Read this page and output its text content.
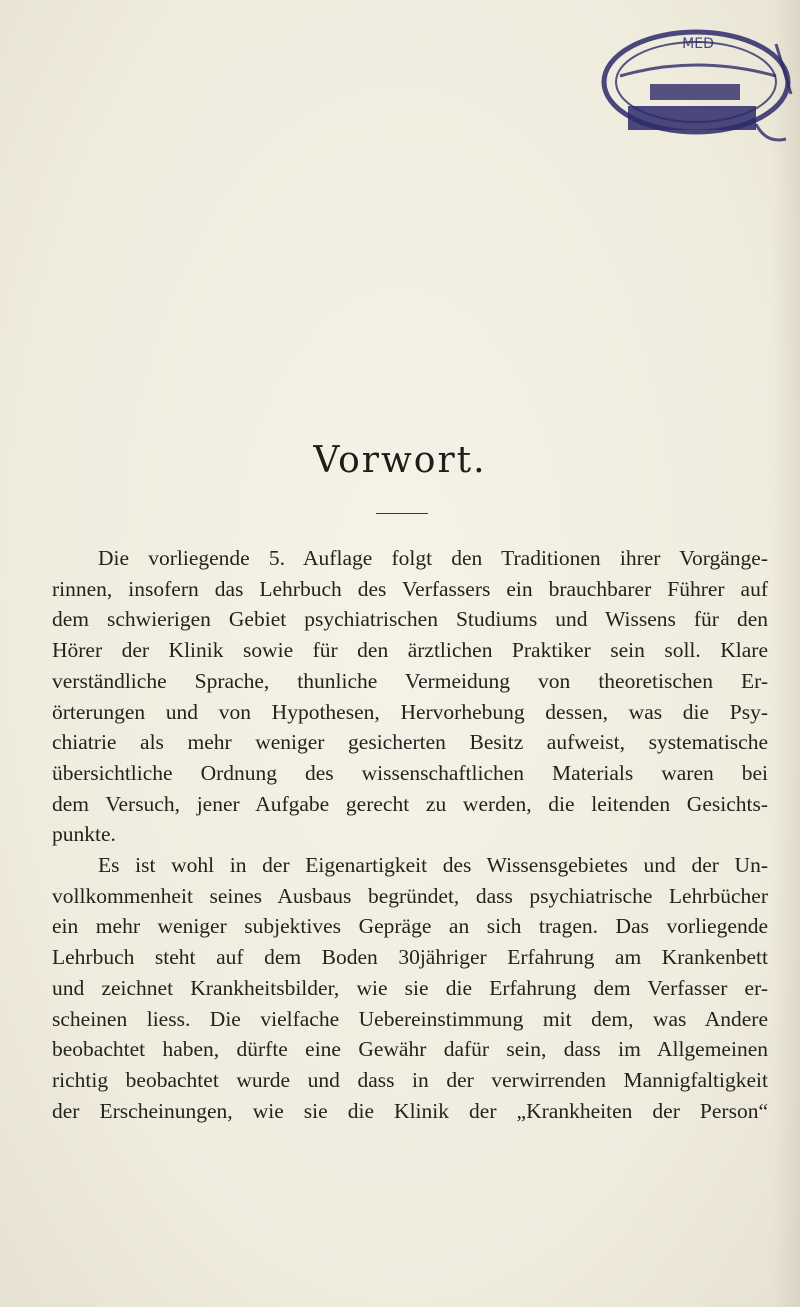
MED
Vorwort.
Die vorliegende 5. Auflage folgt den Traditionen ihrer Vorgänge-
rinnen, insofern das Lehrbuch des Verfassers ein brauchbarer Führer auf
dem schwierigen Gebiet psychiatrischen Studiums und Wissens für den
Hörer der Klinik sowie für den ärztlichen Praktiker sein soll. Klare
verständliche Sprache, thunliche Vermeidung von theoretischen Er-
örterungen und von Hypothesen, Hervorhebung dessen, was die Psy-
chiatrie als mehr weniger gesicherten Besitz aufweist, systematische
übersichtliche Ordnung des wissenschaftlichen Materials waren bei
dem Versuch, jener Aufgabe gerecht zu werden, die leitenden Gesichts-
punkte.
Es ist wohl in der Eigenartigkeit des Wissensgebietes und der Un-
vollkommenheit seines Ausbaus begründet, dass psychiatrische Lehrbücher
ein mehr weniger subjektives Gepräge an sich tragen. Das vorliegende
Lehrbuch steht auf dem Boden 30jähriger Erfahrung am Krankenbett
und zeichnet Krankheitsbilder, wie sie die Erfahrung dem Verfasser er-
scheinen liess. Die vielfache Uebereinstimmung mit dem, was Andere
beobachtet haben, dürfte eine Gewähr dafür sein, dass im Allgemeinen
richtig beobachtet wurde und dass in der verwirrenden Mannigfaltigkeit
der Erscheinungen, wie sie die Klinik der „Krankheiten der Person“
